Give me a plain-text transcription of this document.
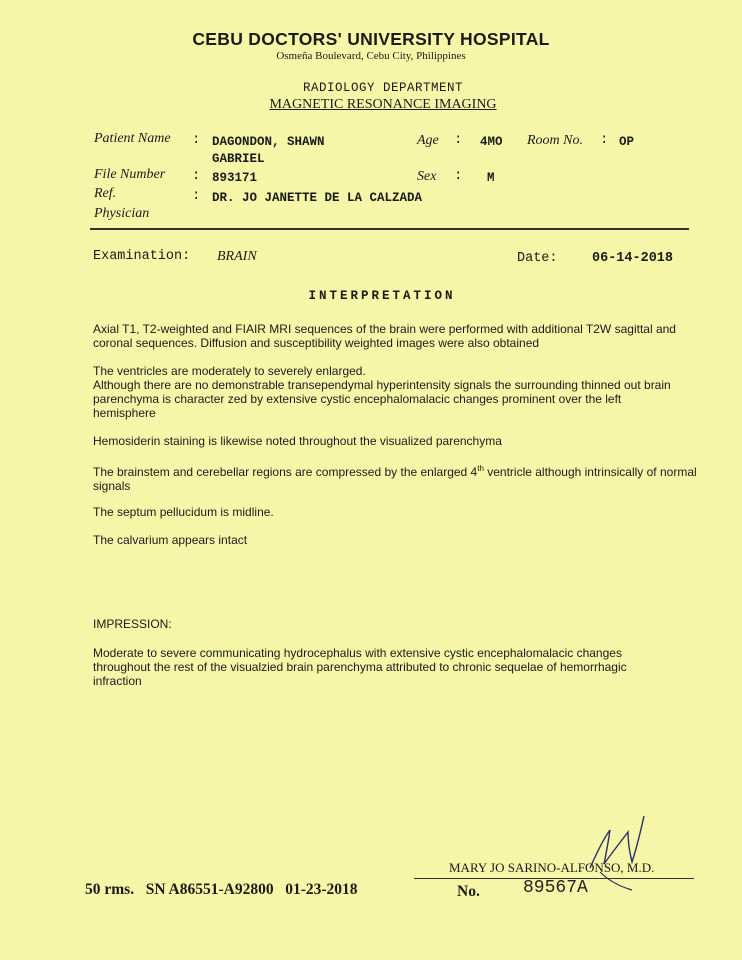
CEBU DOCTORS' UNIVERSITY HOSPITAL
Osmeña Boulevard, Cebu City, Philippines
RADIOLOGY DEPARTMENT
MAGNETIC RESONANCE IMAGING
Patient Name : DAGONDON, SHAWN
GABRIEL
Age : 4MO Room No. : OP
File Number : 893171	Sex : M
Ref.
Physician
: DR. JO JANETTE DE LA CALZADA
Examination: BRAIN	Date:	06-14-2018
INTERPRETATION
Axial T1, T2-weighted and FIAIR MRI sequences of the brain were performed with additional T2W sagittal and coronal sequences. Diffusion and susceptibility weighted images were also obtained
The ventricles are moderately to severely enlarged.
Although there are no demonstrable transependymal hyperintensity signals the surrounding thinned out brain parenchyma is character zed by extensive cystic encephalomalacic changes prominent over the left hemisphere
Hemosiderin staining is likewise noted throughout the visualized parenchyma
The brainstem and cerebellar regions are compressed by the enlarged 4th ventricle although intrinsically of normal signals
The septum pellucidum is midline.
The calvarium appears intact
IMPRESSION:
Moderate to severe communicating hydrocephalus with extensive cystic encephalomalacic changes throughout the rest of the visualzied brain parenchyma attributed to chronic sequelae of hemorrhagic infraction
MARY JO SARINO-ALFONSO, M.D.
50 rms.   SN A86551-A92800   01-23-2018	No. 89567A
